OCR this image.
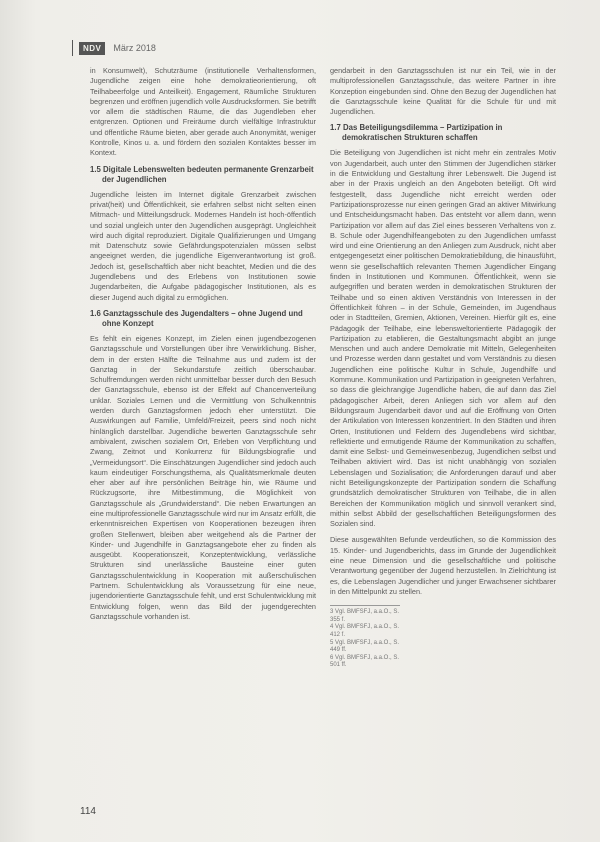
NDV	März 2018

in Konsumwelt), Schutzräume (institutionelle Verhaltensformen, Jugendliche zeigen eine hohe demokratieorientierung, oft Teilhabeerfolge und Anteilkeit). Engagement, Räumliche Strukturen begrenzen und eröffnen jugendlich volle Ausdrucksformen. Sie betrifft vor allem die städtischen Räume, die das Jugendleben eher entgrenzen. Optionen und Freiräume durch vielfältige Infrastruktur und öffentliche Räume bieten, aber gerade auch Anonymität, weniger Kontrolle, Kinos u. a. und fördern den sozialen Kontaktes besser im Kontext.

1.5 Digitale Lebenswelten bedeuten permanente Grenzarbeit der Jugendlichen

Jugendliche leisten im Internet digitale Grenzarbeit zwischen privat(heit) und Öffentlichkeit, sie erfahren selbst nicht selten einen Mitmach- und Mitteilungsdruck. Modernes Handeln ist hoch-öffentlich und sozial ungleich unter den Jugendlichen ausgeprägt. Ungleichheit wird auch digital reproduziert. Digitale Qualifizierungen und Umgang mit Datenschutz sowie Gefährdungspotenzialen müssen selbst angeeignet werden, die jugendliche Eigenverantwortung ist groß. Jedoch ist, gesellschaftlich aber nicht beachtet, Medien und die des Jugendlebens und des Erlebens von Institutionen sowie Jugendarbeiten, die Aufgabe pädagogischer Institutionen, als es dieser Jugend auch digital zu ermöglichen.

1.6 Ganztagsschule des Jugendalters – ohne Jugend und ohne Konzept

Es fehlt ein eigenes Konzept, im Zielen einen jugendbezogenen Ganztagsschule und Vorstellungen über ihre Verwirklichung. Bisher, dem in der ersten Hälfte die Teilnahme aus und zudem ist der Ganztag in der Sekundarstufe zeitlich überschaubar. Schulfremdungen werden nicht unmittelbar besser durch den Besuch der Ganztagsschule, ebenso ist der Effekt auf Chancenverteilung unklar. Soziales Lernen und die Vermittlung von Schulkenntnis werden durch Ganztagsformen jedoch eher unterstützt. Die Auswirkungen auf Familie, Umfeld/Freizeit, peers sind noch nicht hinlänglich darstellbar. Jugendliche bewerten Ganztagsschule sehr ambivalent, zwischen sozialem Ort, Erleben von Verpflichtung und Zwang, Zeitnot und Konkurrenz für Bildungsbiografie und „Vermeidungsort“. Die Einschätzungen Jugendlicher sind jedoch auch kaum eindeutiger Forschungsthema, als Qualitätsmerkmale deuten eher aber auf ihre persönlichen Beiträge hin, wie Räume und Rückzugsorte, ihre Mitbestimmung, die Möglichkeit von Ganztagsschule als „Grundwiderstand“. Die neben Erwartungen an eine multiprofessionelle Ganztagsschule wird nur im Ansatz erfüllt, die erkenntnisreichen Expertisen von Kooperationen bezeugen ihren großen Stellenwert, bleiben aber weitgehend als die Partner der Kinder- und Jugendhilfe in Ganztagsangebote eher zu finden als ausgeübt. Kooperationszeit, Konzeptentwicklung, verlässliche Strukturen sind unerlässliche Bausteine einer guten Ganztagsschulentwicklung in Kooperation mit außerschulischen Partnern. Schulentwicklung als Voraussetzung für eine neue, jugendorientierte Ganztagsschule fehlt, und erst Schulentwicklung mit Entwicklung folgen, wenn das Bild der jugendgerechten Ganztagsschule vorhanden ist.

gendarbeit in den Ganztagsschulen ist nur ein Teil, wie in der multiprofessionellen Ganztagsschule, das weitere Partner in ihre Konzeption eingebunden sind. Ohne den Bezug der Jugendlichen hat die Ganztagsschule keine Qualität für die Schule für und mit Jugendlichen.

1.7 Das Beteiligungsdilemma – Partizipation in demokratischen Strukturen schaffen

Die Beteiligung von Jugendlichen ist nicht mehr ein zentrales Motiv von Jugendarbeit, auch unter den Stimmen der Jugendlichen stärker in die Entwicklung und Gestaltung ihrer Lebenswelt. Die Jugend ist aber in der Praxis ungleich an den Angeboten beteiligt. Oft wird festgestellt, dass Jugendliche nicht erreicht werden oder Partizipationsprozesse nur einen geringen Grad an aktiver Mitwirkung und Entscheidungsmacht haben. Das entsteht vor allem dann, wenn Partizipation vor allem auf das Ziel eines besseren Verhaltens von z. B. Schule oder Jugendhilfeangeboten zu den Jugendlichen umfasst wird und eine Orientierung an den Anliegen zum Ausdruck, nicht aber entgegengesetzt einer politischen Demokratiebildung, die hinausführt, wenn sie gesellschaftlich relevanten Themen Jugendlicher Eingang finden in Institutionen und Kommunen. Öffentlichkeit, wenn sie aufgegriffen und beraten werden in demokratischen Strukturen der Teilhabe und so einen aktiven Verständnis von Interessen in der Öffentlichkeit führen – in der Schule, Gemeinden, im Jugendhaus oder in Stadtteilen, Gremien, Aktionen, Vereinen. Hierfür gilt es, eine Pädagogik der Teilhabe, eine lebensweltorientierte Pädagogik der Partizipation zu etablieren, die Gestaltungsmacht abgibt an junge Menschen und auch andere Demokratie mit Mitteln, Gelegenheiten und Prozesse werden dann gestaltet und vom Verständnis zu diesen Jugendlichen eine politische Kultur in Schule, Jugendhilfe und Kommune. Kommunikation und Partizipation in geeigneten Verfahren, so dass die gleichrangige Jugendliche haben, die auf dann das Ziel pädagogischer Arbeit, deren Anliegen sich vor allem auf den Bildungsraum Jugendarbeit davor und auf die Eröffnung von Orten der Artikulation von Interessen konzentriert. In den Städten und ihren Orten, Institutionen und Feldern des Jugendlebens wird sichtbar, reflektierte und ermutigende Räume der Kommunikation zu schaffen, damit eine Selbst- und Gemeinwesenbezug, Jugendlichen selbst und Teilhaben aktiviert wird. Das ist nicht unabhängig von sozialen Lebenslagen und Sozialisation; die Anforderungen darauf und aber nicht Beteiligungskonzepte der Partizipation sondern die Schaffung grundsätzlich demokratischer Strukturen von Teilhabe, die in allen Bereichen der Kommunikation möglich und sinnvoll verankert sind, mithin selbst Abbild der gesellschaftlichen Beteiligungsformen des Sozialen sind.

Diese ausgewählten Befunde verdeutlichen, so die Kommission des 15. Kinder- und Jugendberichts, dass im Grunde der Jugendlichkeit eine neue Dimension und die gesellschaftliche und politische Verantwortung gegenüber der Jugend herzustellen. In Zielrichtung ist es, die Lebenslagen Jugendlicher und junger Erwachsener sichtbarer in den Mittelpunkt zu stellen.

3 Vgl. BMFSFJ, a.a.O., S. 355 f.
4 Vgl. BMFSFJ, a.a.O., S. 412 f.
5 Vgl. BMFSFJ, a.a.O., S. 449 ff.
6 Vgl. BMFSFJ, a.a.O., S. 501 ff.
114
